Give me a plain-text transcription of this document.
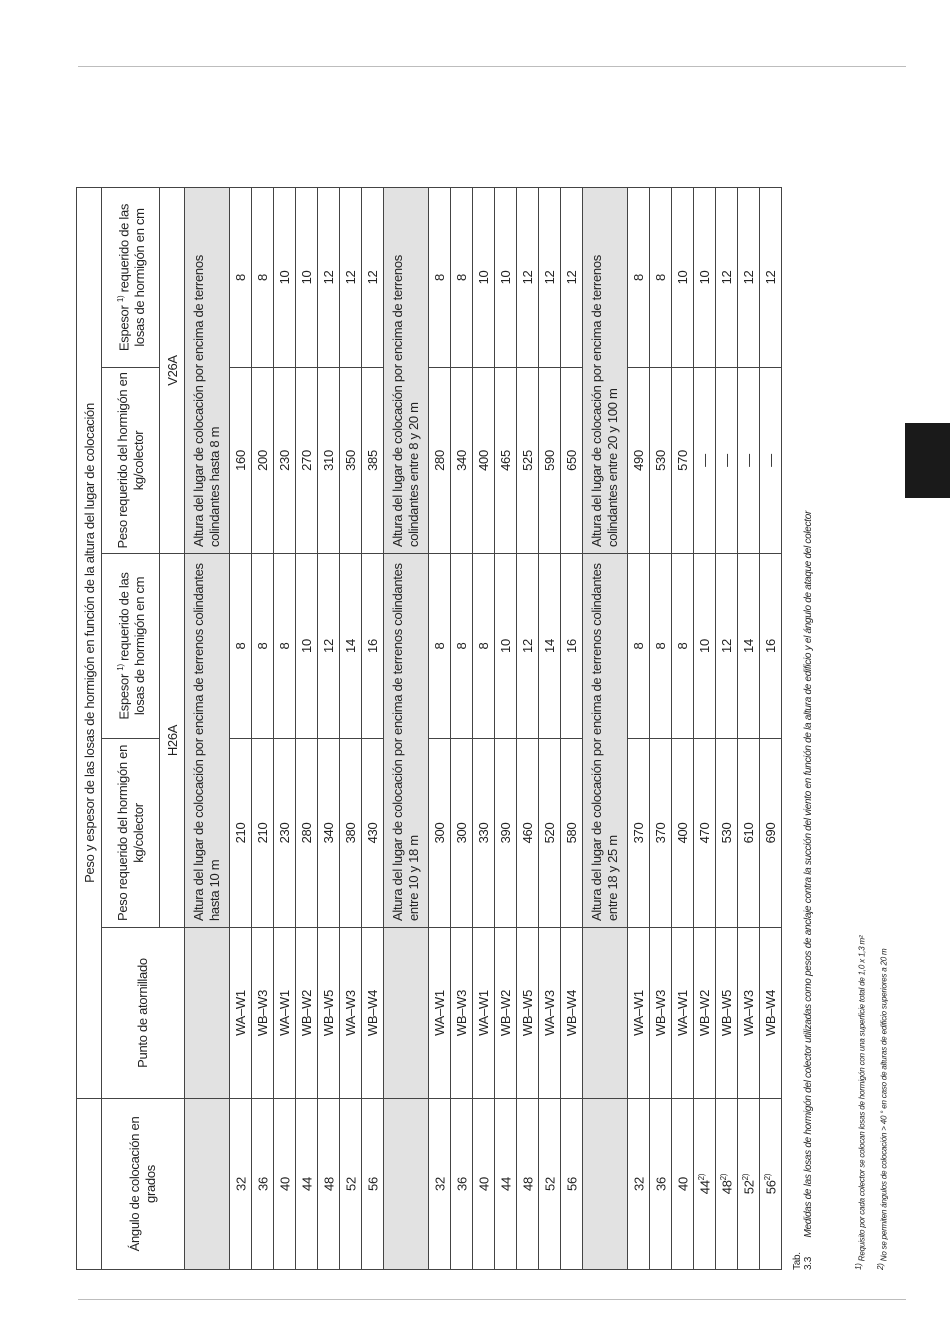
	Peso y espesor de las losas de hormigón en función de la altura del lugar de colocación				
Ángulo de colocación en grados	Punto de atornillado	Peso requerido del hormigón en kg/colector	Espesor $^{1)}$ requerido de las losas de hormigón en cm	Peso requerido del hormigón en kg/colector	Espesor $^{1)}$ requerido de las losas de hormigón en cm
		H26A		V26A	
		Altura del lugar de colocación por encima de terrenos colindantes hasta 10 m		Altura del lugar de colocación por encima de terrenos colindantes hasta 8 m	
32	WA–W1	210	8	160	8
36	WB–W3	210	8	200	8
40	WA–W1	230	8	230	10
44	WB–W2	280	10	270	10
48	WB–W5	340	12	310	12
52	WA–W3	380	14	350	12
56	WB–W4	430	16	385	12
		Altura del lugar de colocación por encima de terrenos colindantes entre 10 y 18 m		Altura del lugar de colocación por encima de terrenos colindantes entre 8 y 20 m	
32	WA–W1	300	8	280	8
36	WB–W3	300	8	340	8
40	WA–W1	330	8	400	10
44	WB–W2	390	10	465	10
48	WB–W5	460	12	525	12
52	WA–W3	520	14	590	12
56	WB–W4	580	16	650	12
		Altura del lugar de colocación por encima de terrenos colindantes entre 18 y 25 m		Altura del lugar de colocación por encima de terrenos colindantes entre 20 y 100 m	
32	WA–W1	370	8	490	8
36	WB–W3	370	8	530	8
40	WA–W1	400	8	570	10
44$^{2)}$	WB–W2	470	10	—	10
48$^{2)}$	WB–W5	530	12	—	12
52$^{2)}$	WA–W3	610	14	—	12
56$^{2)}$	WB–W4	690	16	—	12
Tab. 3.3 Medidas de las losas de hormigón del colector utilizadas como pesos de anclaje contra la succión del viento en función de la altura de edificio y el ángulo de ataque del colector
$^{1)}$ Requisito por cada colector se colocan losas de hormigón con una superficie total de 1,0 x 1,3 m²
$^{2)}$ No se permiten ángulos de colocación > 40 ° en caso de alturas de edificio superiores a 20 m
